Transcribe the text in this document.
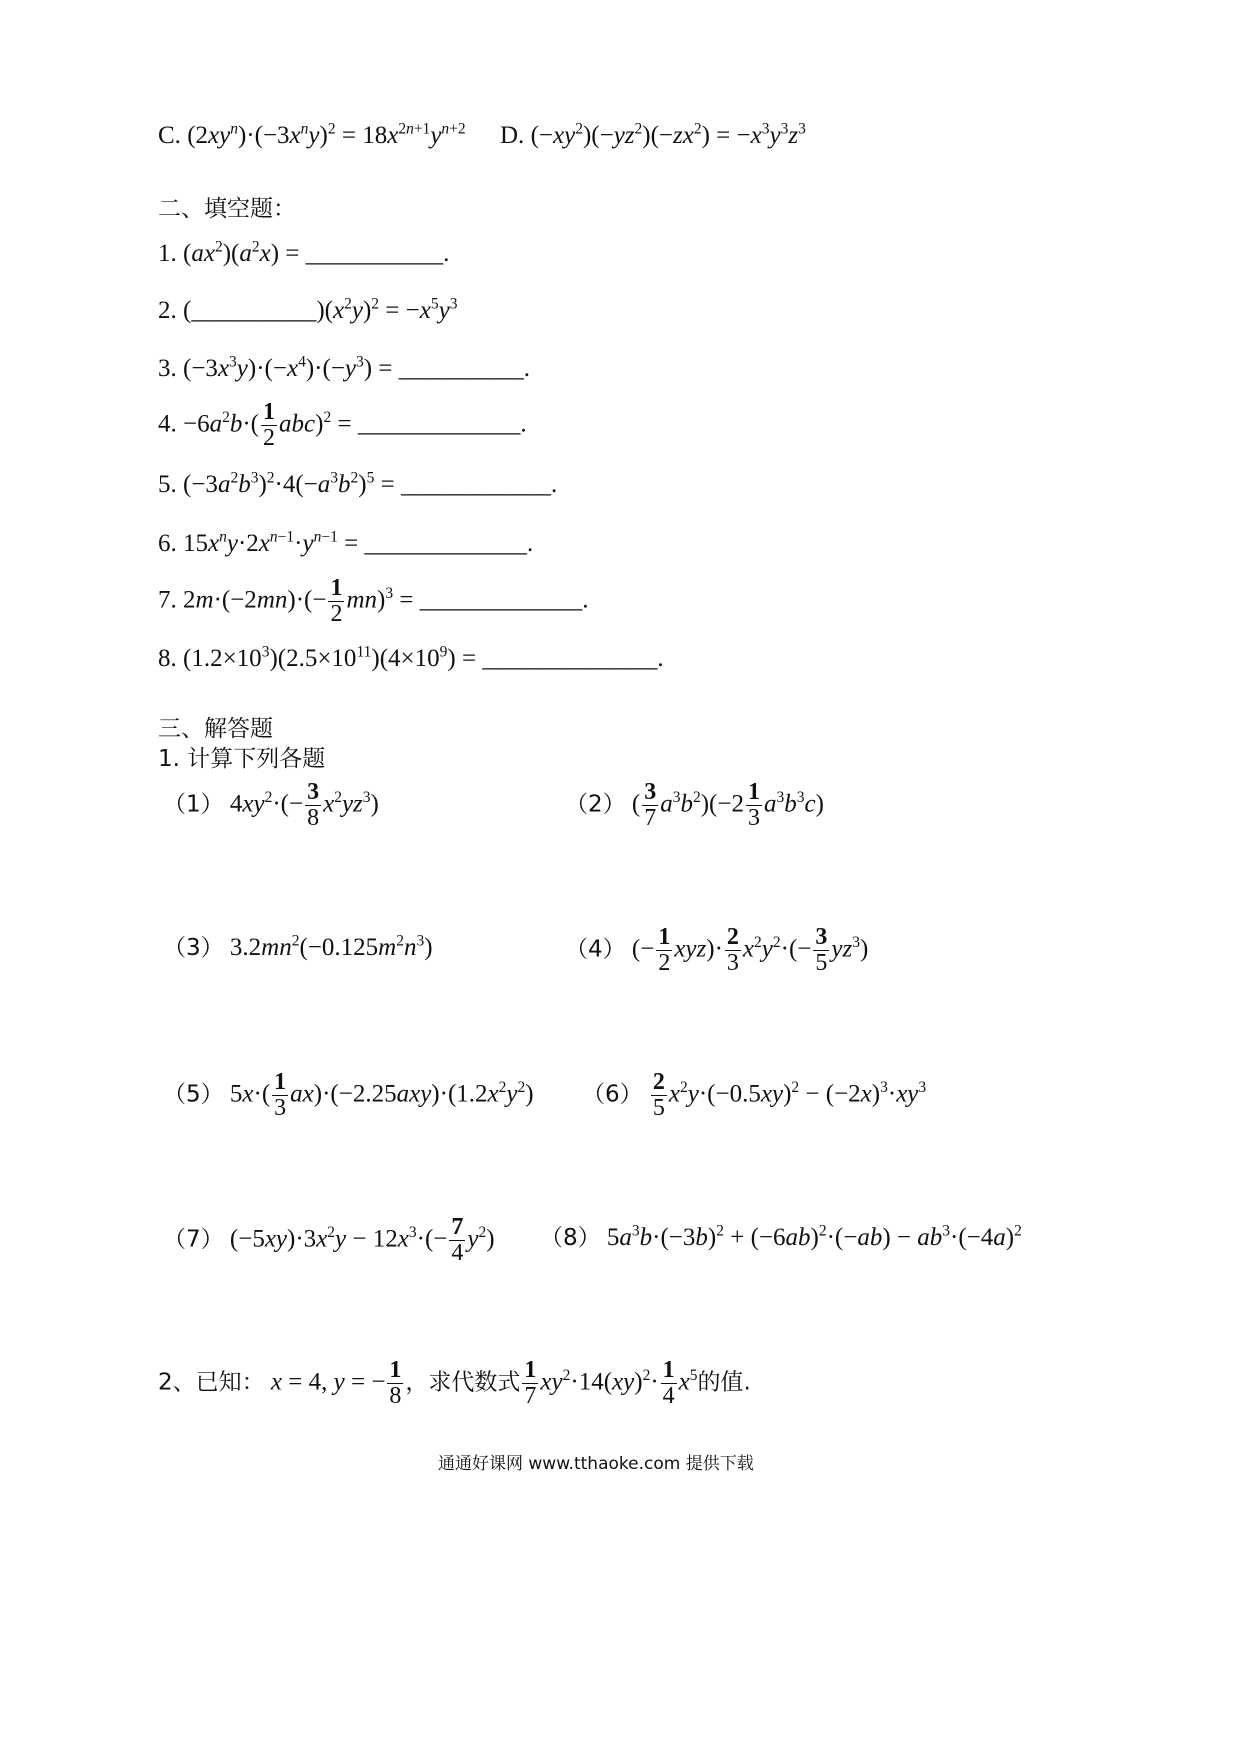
C. $(2xy^n)\cdot(-3x^ny)^2 = 18x^{2n+1}y^{n+2}$ D. $(-xy^2)(-yz^2)(-zx^2) = -x^3y^3z^3$
二、填空题：
1. $(ax^2)(a^2x)$ = ___________.
2. $(\_\_\_\_\_\_\_\_\_\_)(x^2y)^2 = -x^5y^3$
3. $(-3x^3y)\cdot(-x^4)\cdot(-y^3)$ = __________.
4. $-6a^2b\cdot( \frac{1}{2} abc)^2$ = _____________.
5. $(-3a^2b^3)^2\cdot 4(-a^3b^2)^5$ = ____________.
6. $15x^ny\cdot 2x^{n-1}\cdot y^{n-1}$ = _____________.
7. $2m\cdot(-2mn)\cdot(- \frac{1}{2} mn)^3$ = _____________.
8. $(1.2\times 10^3)(2.5\times 10^{11})(4\times 10^9)$ = ______________.
三、解答题
1. 计算下列各题
（1） $4xy^2\cdot(- \frac{3}{8} x^2yz^3)$	（2） ( $\frac{3}{7} a^3b^2)(-2 \frac{1}{3} a^3b^3c)$
（3） $3.2mn^2(-0.125m^2n^3)$	（4） (− $\frac{1}{2} xyz)\cdot \frac{2}{3} x^2y^2\cdot(- \frac{3}{5} yz^3)$
（5） $5x\cdot( \frac{1}{3} ax)\cdot(-2.25axy)\cdot(1.2x^2y^2)$ $(6) \frac{2}{5} x^2y\cdot(-0.5xy)^2 - (-2x)^3\cdot xy^3$
（7） $(-5xy)\cdot 3x^2y - 12x^3\cdot(- \frac{7}{4} y^2)$ （8） $5a^3b\cdot(-3b)^2 + (-6ab)^2\cdot(-ab) - ab^3\cdot(-4a)^2$
2、已知： x = 4, y = − $\frac{1}{8}$ ，求代数式 $\frac{1}{7} xy^2\cdot 14(xy)^2\cdot \frac{1}{4} x^5$的值.
通通好课网 www.tthaoke.com 提供下载
